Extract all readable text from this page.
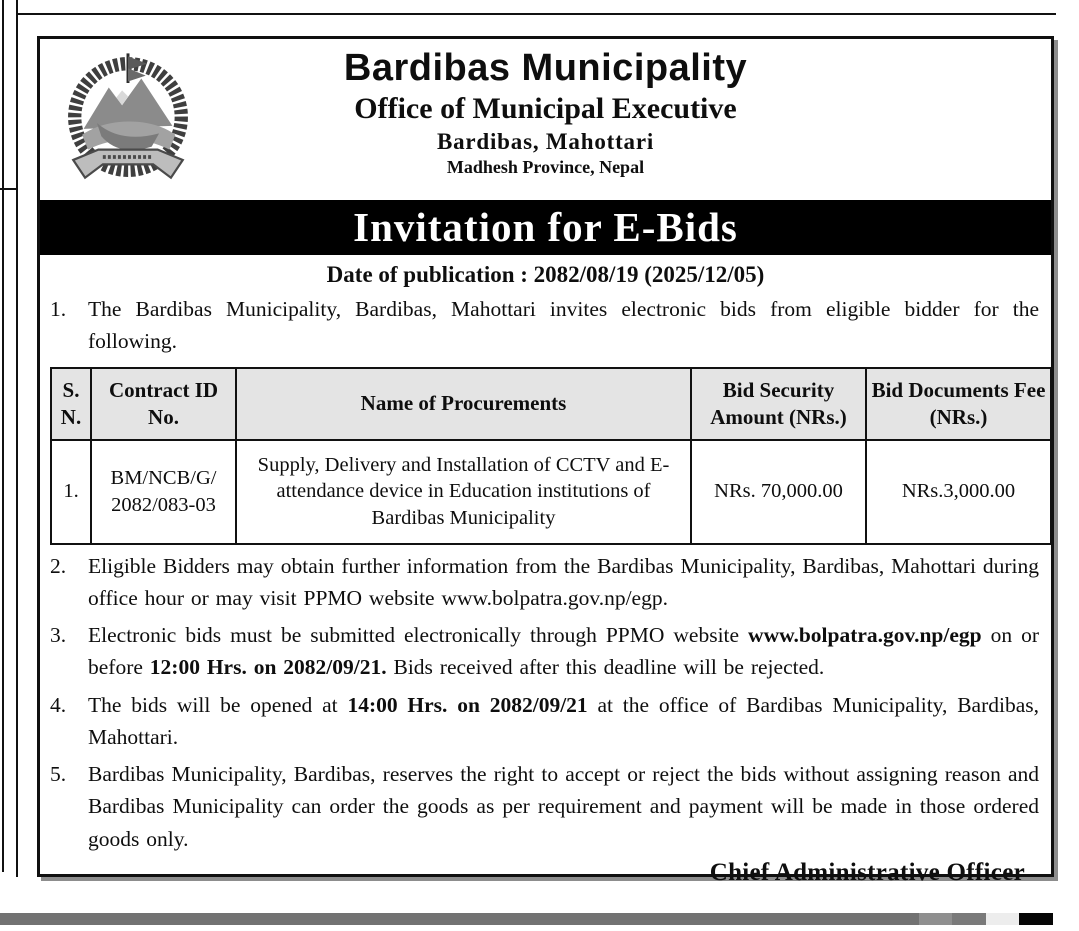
Bardibas Municipality
Office of Municipal Executive
Bardibas, Mahottari
Madhesh Province, Nepal
Invitation for E-Bids
Date of publication : 2082/08/19 (2025/12/05)
1. The Bardibas Municipality, Bardibas, Mahottari invites electronic bids from eligible bidder for the following.
S. N.	Contract ID No.	Name of Procurements	Bid Security Amount (NRs.)	Bid Documents Fee (NRs.)
1.	BM/NCB/G/ 2082/083-03	Supply, Delivery and Installation of CCTV and E-attendance device in Education institutions of Bardibas Municipality	NRs. 70,000.00	NRs.3,000.00
2. Eligible Bidders may obtain further information from the Bardibas Municipality, Bardibas, Mahottari during office hour or may visit PPMO website www.bolpatra.gov.np/egp.
3. Electronic bids must be submitted electronically through PPMO website www.bolpatra.gov.np/egp on or before 12:00 Hrs. on 2082/09/21. Bids received after this deadline will be rejected.
4. The bids will be opened at 14:00 Hrs. on 2082/09/21 at the office of Bardibas Municipality, Bardibas, Mahottari.
5. Bardibas Municipality, Bardibas, reserves the right to accept or reject the bids without assigning reason and Bardibas Municipality can order the goods as per requirement and payment will be made in those ordered goods only.
Chief Administrative Officer
